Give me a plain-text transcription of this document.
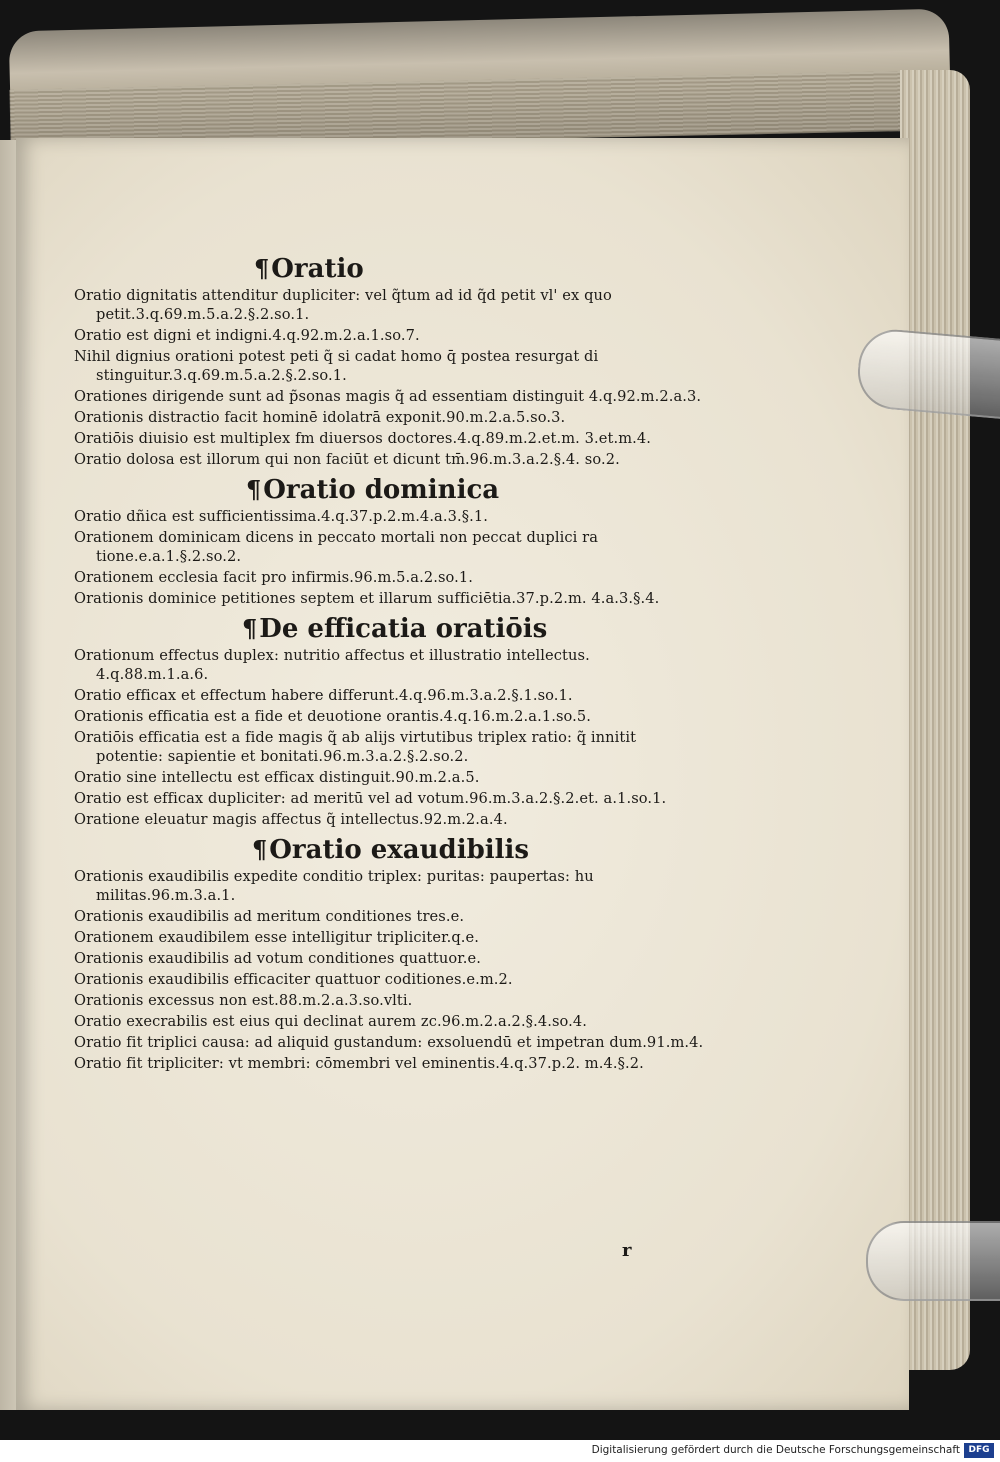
¶Oratio

Oratio dignitatis attenditur dupliciter: vel q̃tum ad id q̃d petit vl' ex quo petit.3.q.69.m.5.a.2.§.2.so.1.

Oratio est digni et indigni.4.q.92.m.2.a.1.so.7.

Nihil dignius orationi potest peti q̃ si cadat homo q̄ postea resurgat di stinguitur.3.q.69.m.5.a.2.§.2.so.1.

Orationes dirigende sunt ad p̃sonas magis q̃ ad essentiam distinguit 4.q.92.m.2.a.3.

Orationis distractio facit hominē idolatrā exponit.90.m.2.a.5.so.3.

Oratiōis diuisio est multiplex fm diuersos doctores.4.q.89.m.2.et.m. 3.et.m.4.

Oratio dolosa est illorum qui non faciūt et dicunt tm̄.96.m.3.a.2.§.4. so.2.

¶Oratio dominica

Oratio dñica est sufficientissima.4.q.37.p.2.m.4.a.3.§.1.

Orationem dominicam dicens in peccato mortali non peccat duplici ra tione.e.a.1.§.2.so.2.

Orationem ecclesia facit pro infirmis.96.m.5.a.2.so.1.

Orationis dominice petitiones septem et illarum sufficiētia.37.p.2.m. 4.a.3.§.4.

¶De efficatia oratiōis

Orationum effectus duplex: nutritio affectus et illustratio intellectus. 4.q.88.m.1.a.6.

Oratio efficax et effectum habere differunt.4.q.96.m.3.a.2.§.1.so.1.

Orationis efficatia est a fide et deuotione orantis.4.q.16.m.2.a.1.so.5.

Oratiōis efficatia est a fide magis q̃ ab alijs virtutibus triplex ratio: q̃ innitit potentie: sapientie et bonitati.96.m.3.a.2.§.2.so.2.

Oratio sine intellectu est efficax distinguit.90.m.2.a.5.

Oratio est efficax dupliciter: ad meritū vel ad votum.96.m.3.a.2.§.2.et. a.1.so.1.

Oratione eleuatur magis affectus q̃ intellectus.92.m.2.a.4.

¶Oratio exaudibilis

Orationis exaudibilis expedite conditio triplex: puritas: paupertas: hu militas.96.m.3.a.1.

Orationis exaudibilis ad meritum conditiones tres.e.

Orationem exaudibilem esse intelligitur tripliciter.q.e.

Orationis exaudibilis ad votum conditiones quattuor.e.

Orationis exaudibilis efficaciter quattuor coditiones.e.m.2.

Orationis excessus non est.88.m.2.a.3.so.vlti.

Oratio execrabilis est eius qui declinat aurem zc.96.m.2.a.2.§.4.so.4.

Oratio fit triplici causa: ad aliquid gustandum: exsoluendū et impetran dum.91.m.4.

Oratio fit tripliciter: vt membri: cōmembri vel eminentis.4.q.37.p.2. m.4.§.2.

r
Digitalisierung gefördert durch die Deutsche Forschungsgemeinschaft DFG
